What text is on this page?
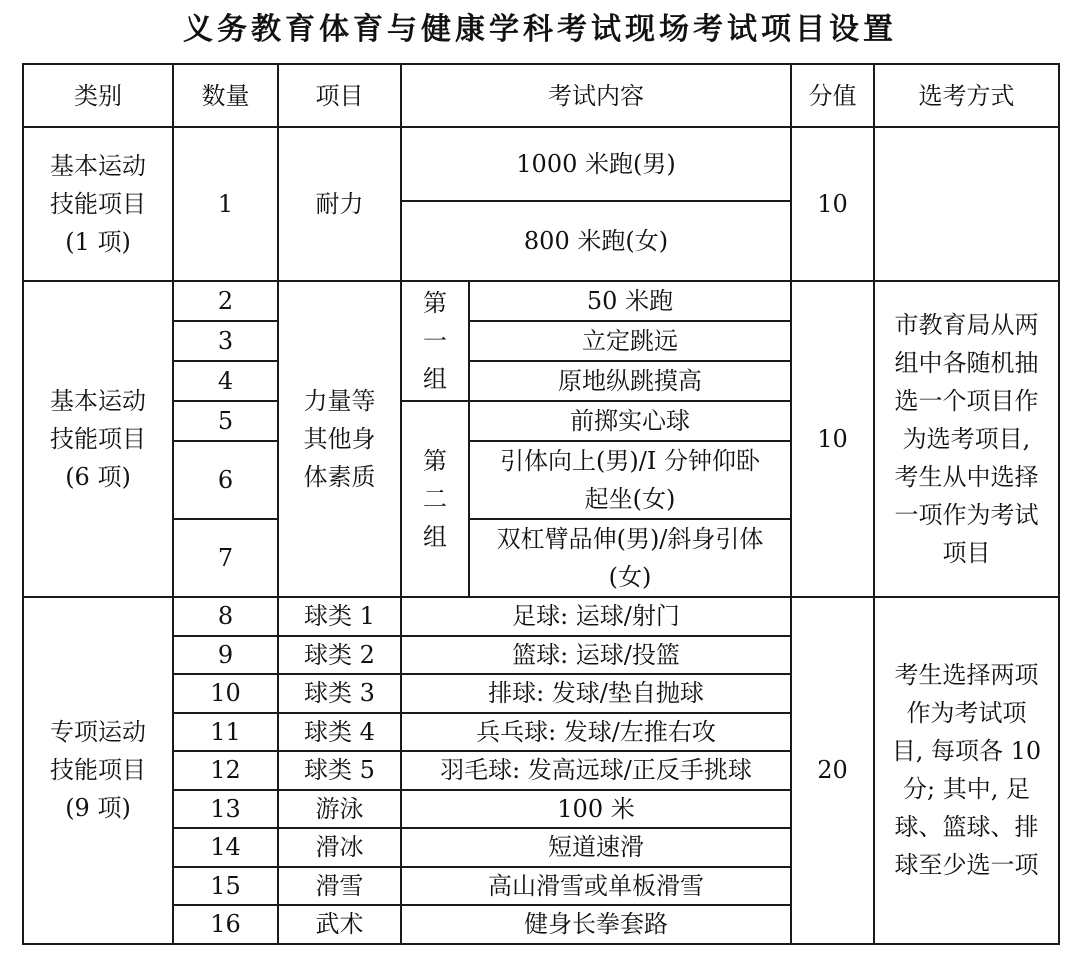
义务教育体育与健康学科考试现场考试项目设置
类别	数量	项目	考试内容		分值	选考方式
基本运动技能项目(1 项)	1	耐力	1000 米跑(男)		10	
			800 米跑(女)			
基本运动技能项目(6 项)	2	力量等其他身体素质	第一组	50 米跑	10	市教育局从两组中各随机抽选一个项目作为选考项目, 考生从中选择一项作为考试项目
	3			立定跳远		
	4			原地纵跳摸高		
	5		第二组	前掷实心球		
	6			引体向上(男)/I 分钟仰卧起坐(女)		
	7			双杠臂品伸(男)/斜身引体(女)		
专项运动技能项目(9 项)	8	球类 1	足球: 运球/射门		20	考生选择两项作为考试项目, 每项各 10 分; 其中, 足球、篮球、排球至少选一项
	9	球类 2	篮球: 运球/投篮			
	10	球类 3	排球: 发球/垫自抛球			
	11	球类 4	兵乓球: 发球/左推右攻			
	12	球类 5	羽毛球: 发高远球/正反手挑球			
	13	游泳	100 米			
	14	滑冰	短道速滑			
	15	滑雪	高山滑雪或单板滑雪			
	16	武术	健身长拳套路			
